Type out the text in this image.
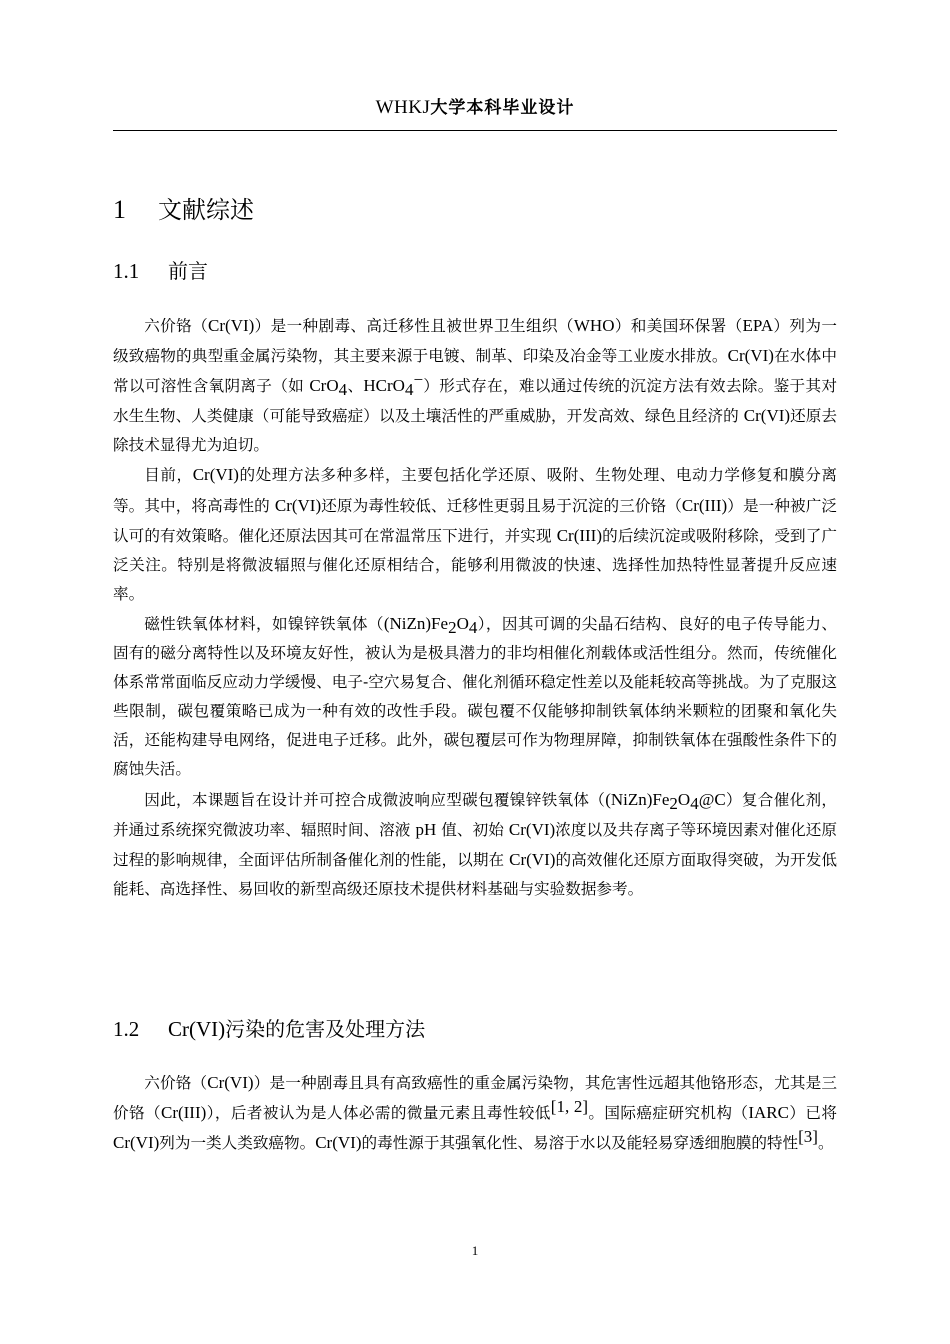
WHKJ大学本科毕业设计
1 文献综述
1.1 前言

六价铬（Cr(VI)）是一种剧毒、高迁移性且被世界卫生组织（WHO）和美国环保署（EPA）列为一级致癌物的典型重金属污染物，其主要来源于电镀、制革、印染及冶金等工业废水排放。Cr(VI)在水体中常以可溶性含氧阴离子（如 CrO$_4$、HCrO$_4$−）形式存在，难以通过传统的沉淀方法有效去除。鉴于其对水生生物、人类健康（可能导致癌症）以及土壤活性的严重威胁，开发高效、绿色且经济的 Cr(VI)还原去除技术显得尤为迫切。

目前，Cr(VI)的处理方法多种多样，主要包括化学还原、吸附、生物处理、电动力学修复和膜分离等。其中，将高毒性的 Cr(VI)还原为毒性较低、迁移性更弱且易于沉淀的三价铬（Cr(III)）是一种被广泛认可的有效策略。催化还原法因其可在常温常压下进行，并实现 Cr(III)的后续沉淀或吸附移除，受到了广泛关注。特别是将微波辐照与催化还原相结合，能够利用微波的快速、选择性加热特性显著提升反应速率。

磁性铁氧体材料，如镍锌铁氧体$((NiZn)Fe_2O_4)$，因其可调的尖晶石结构、良好的电子传导能力、固有的磁分离特性以及环境友好性，被认为是极具潜力的非均相催化剂载体或活性组分。然而，传统催化体系常常面临反应动力学缓慢、电子-空穴易复合、催化剂循环稳定性差以及能耗较高等挑战。为了克服这些限制，碳包覆策略已成为一种有效的改性手段。碳包覆不仅能够抑制铁氧体纳米颗粒的团聚和氧化失活，还能构建导电网络，促进电子迁移。此外，碳包覆层可作为物理屏障，抑制铁氧体在强酸性条件下的腐蚀失活。

因此，本课题旨在设计并可控合成微波响应型碳包覆镍锌铁氧体$((NiZn)Fe_2O_4@C)$复合催化剂，并通过系统探究微波功率、辐照时间、溶液 pH 值、初始 Cr(VI)浓度以及共存离子等环境因素对催化还原过程的影响规律，全面评估所制备催化剂的性能，以期在 Cr(VI)的高效催化还原方面取得突破，为开发低能耗、高选择性、易回收的新型高级还原技术提供材料基础与实验数据参考。

1.2 Cr(VI)污染的危害及处理方法

六价铬（Cr(VI)）是一种剧毒且具有高致癌性的重金属污染物，其危害性远超其他铬形态，尤其是三价铬（Cr(III)），后者被认为是人体必需的微量元素且毒性较低[1, 2]。国际癌症研究机构（IARC）已将 Cr(VI)列为一类人类致癌物。Cr(VI)的毒性源于其强氧化性、易溶于水以及能轻易穿透细胞膜的特性[3]。

1
